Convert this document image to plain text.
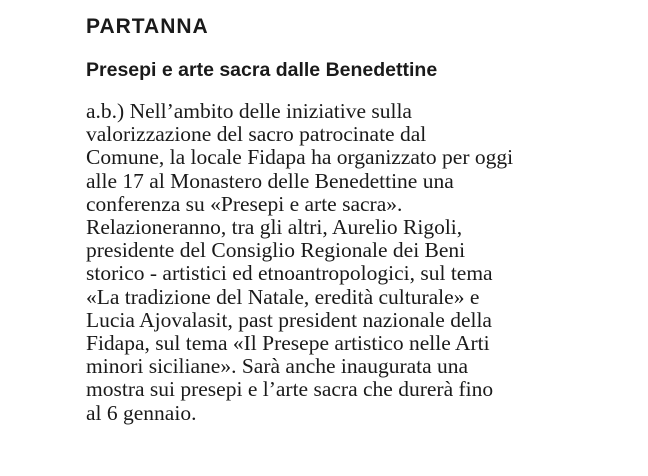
PARTANNA
Presepi e arte sacra dalle Benedettine
a.b.) Nell’ambito delle iniziative sulla
valorizzazione del sacro patrocinate dal
Comune, la locale Fidapa ha organizzato per oggi
alle 17 al Monastero delle Benedettine una
conferenza su «Presepi e arte sacra».
Relazioneranno, tra gli altri, Aurelio Rigoli,
presidente del Consiglio Regionale dei Beni
storico - artistici ed etnoantropologici, sul tema
«La tradizione del Natale, eredità culturale» e
Lucia Ajovalasit, past president nazionale della
Fidapa, sul tema «Il Presepe artistico nelle Arti
minori siciliane». Sarà anche inaugurata una
mostra sui presepi e l’arte sacra che durerà fino
al 6 gennaio.
